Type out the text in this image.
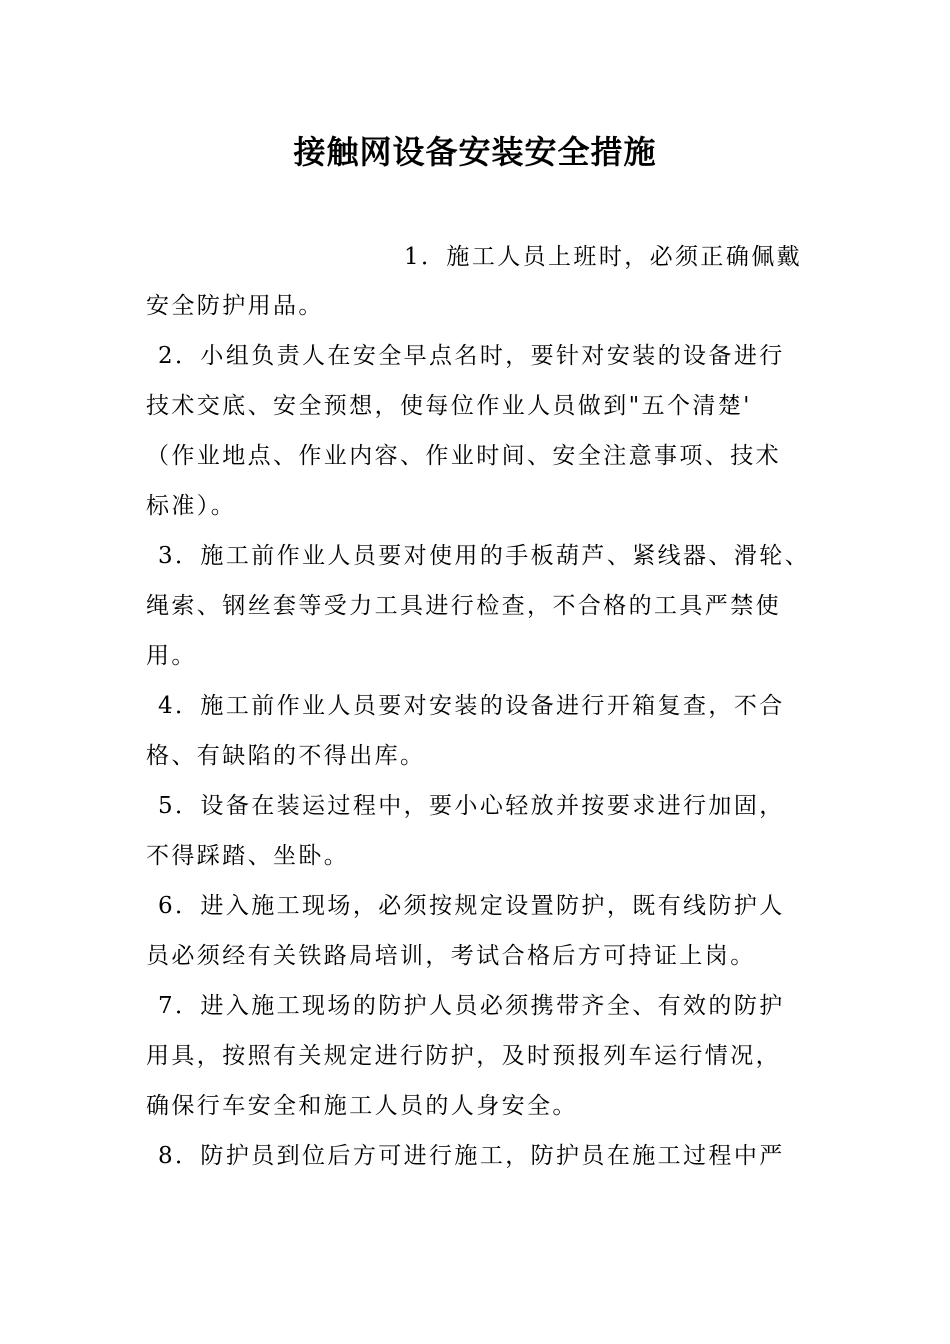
接触网设备安装安全措施

1．施工人员上班时，必须正确佩戴

安全防护用品。

2．小组负责人在安全早点名时，要针对安装的设备进行

技术交底、安全预想，使每位作业人员做到"五个清楚'

（作业地点、作业内容、作业时间、安全注意事项、技术

标准）。

3．施工前作业人员要对使用的手板葫芦、紧线器、滑轮、

绳索、钢丝套等受力工具进行检查，不合格的工具严禁使

用。

4．施工前作业人员要对安装的设备进行开箱复查，不合

格、有缺陷的不得出库。

5．设备在装运过程中，要小心轻放并按要求进行加固，

不得踩踏、坐卧。

6．进入施工现场，必须按规定设置防护，既有线防护人

员必须经有关铁路局培训，考试合格后方可持证上岗。

7．进入施工现场的防护人员必须携带齐全、有效的防护

用具，按照有关规定进行防护，及时预报列车运行情况，

确保行车安全和施工人员的人身安全。

8．防护员到位后方可进行施工，防护员在施工过程中严
